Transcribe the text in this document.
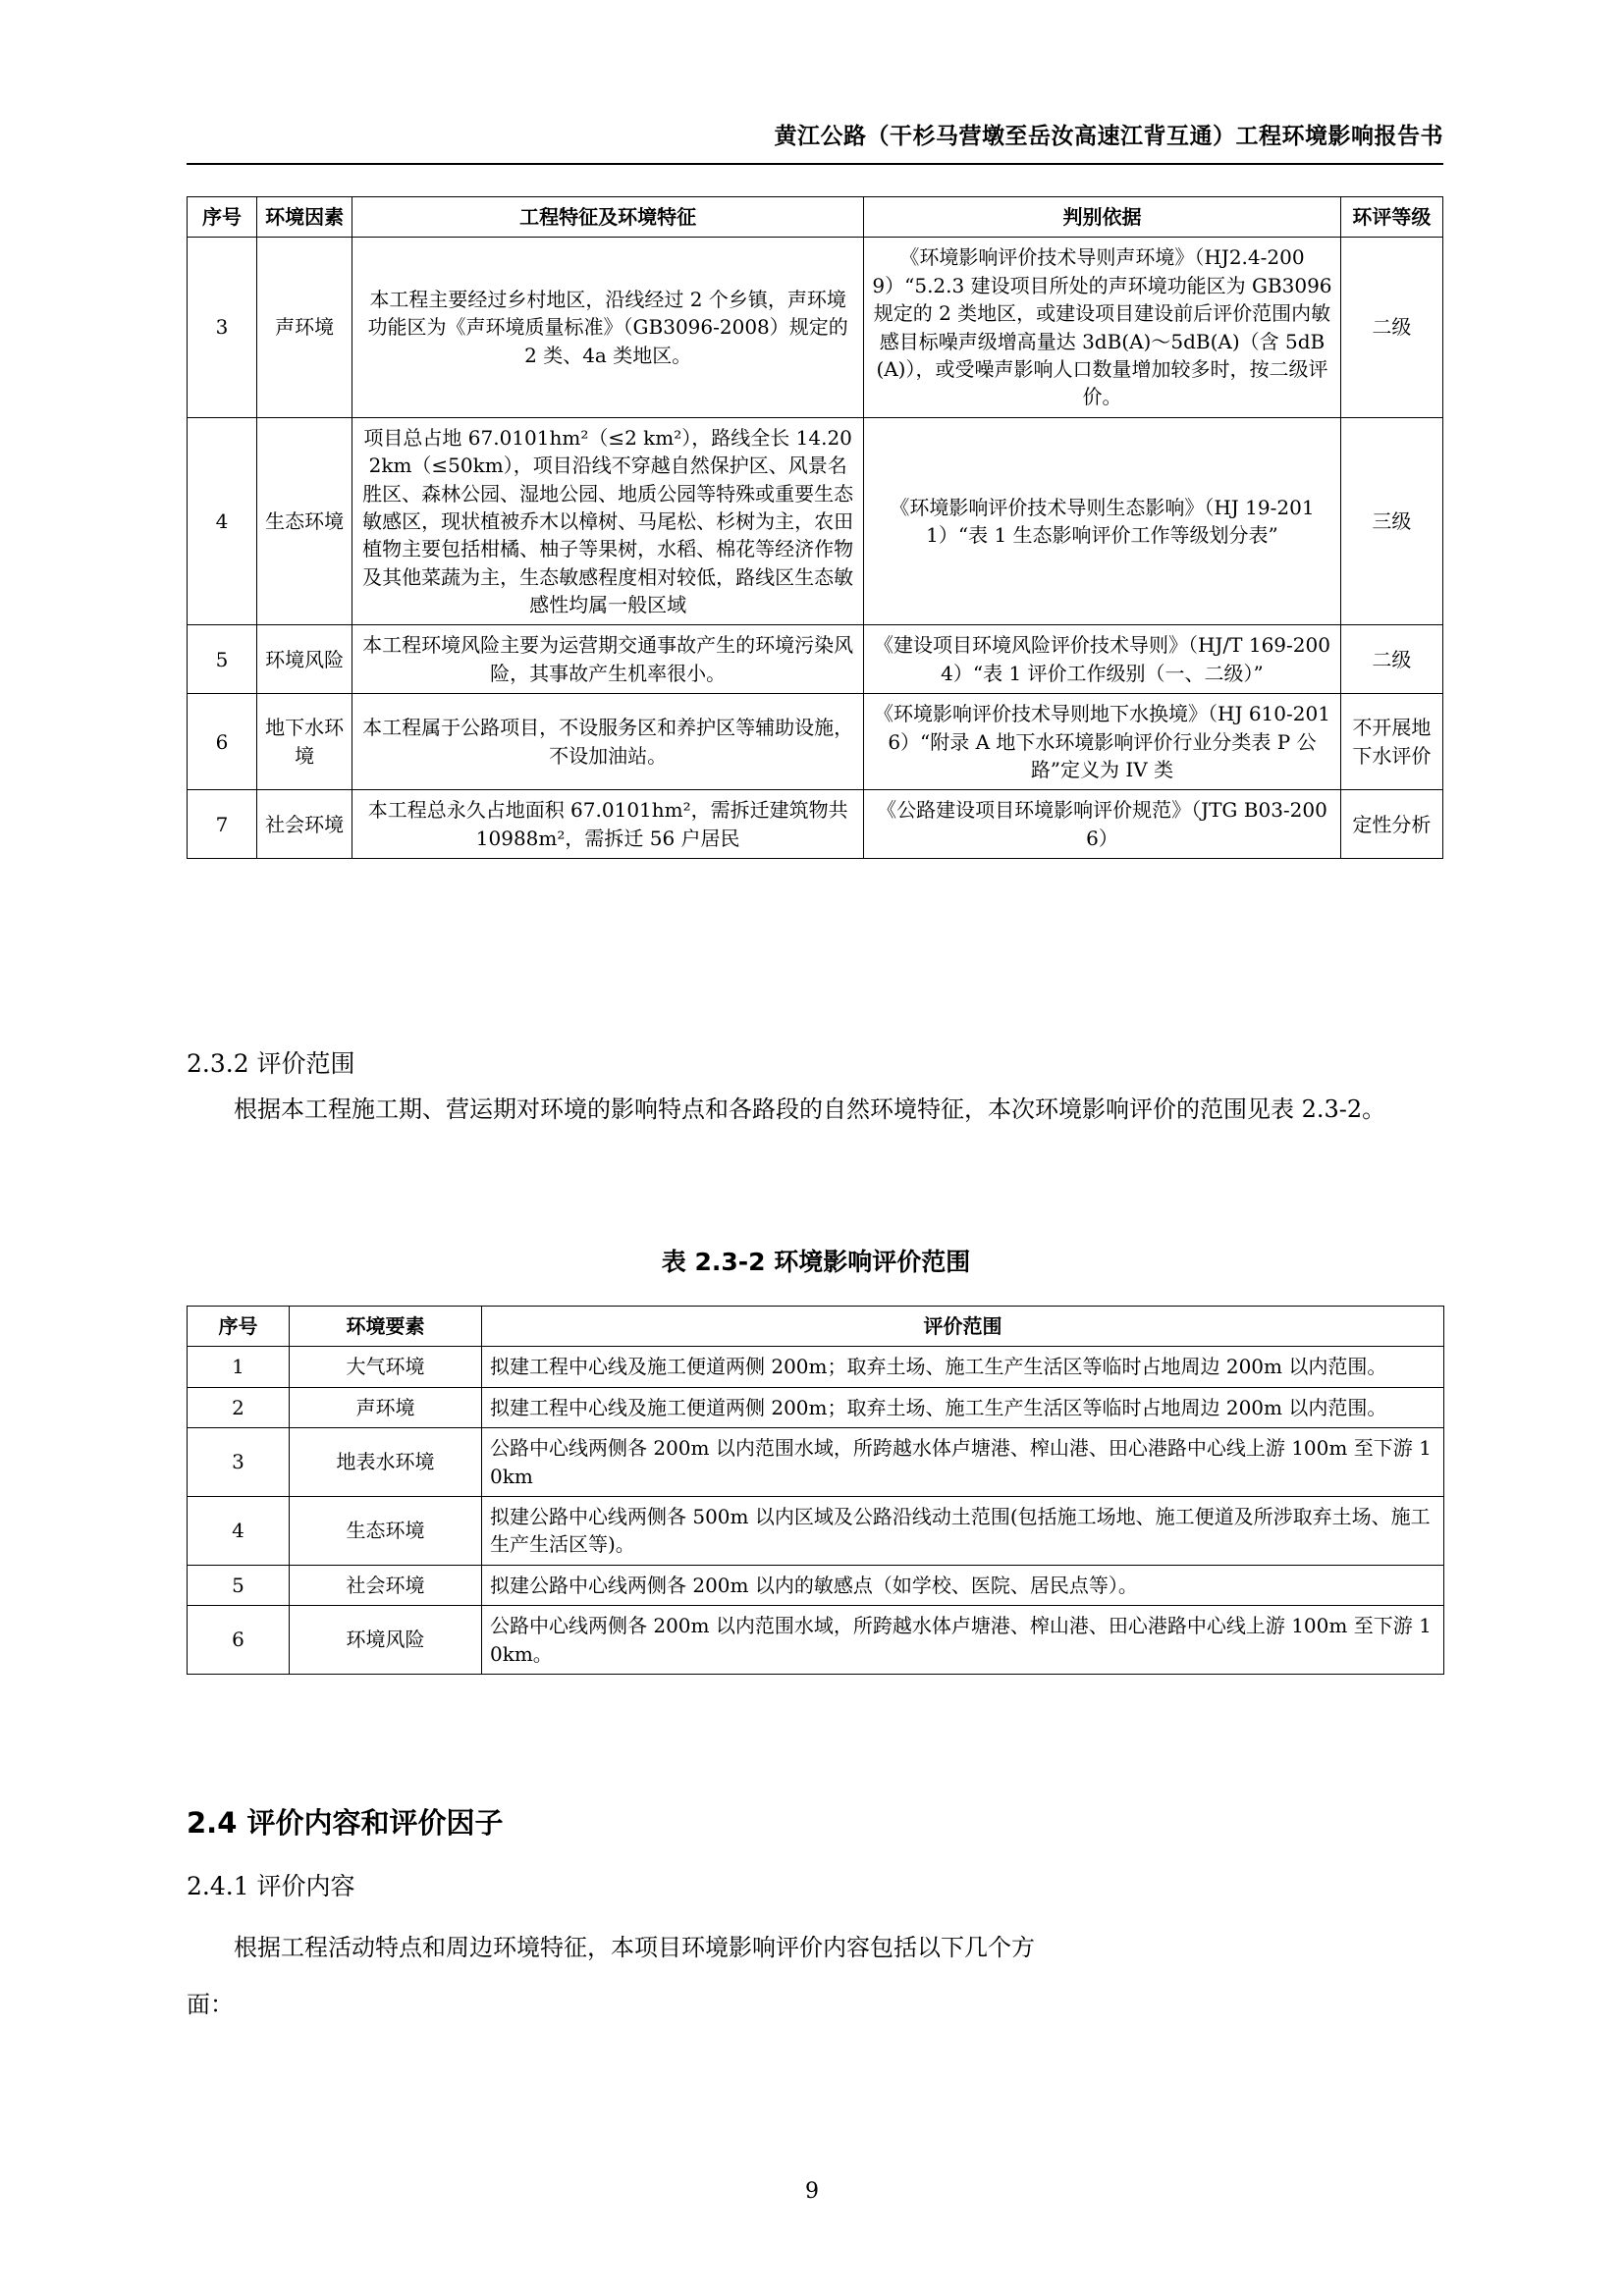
黄江公路（干杉马营墩至岳汝高速江背互通）工程环境影响报告书
序号	环境因素	工程特征及环境特征	判别依据	环评等级
3	声环境	本工程主要经过乡村地区，沿线经过 2 个乡镇，声环境功能区为《声环境质量标准》（GB3096-2008）规定的 2 类、4a 类地区。	《环境影响评价技术导则声环境》（HJ2.4-2009）“5.2.3 建设项目所处的声环境功能区为 GB3096 规定的 2 类地区，或建设项目建设前后评价范围内敏感目标噪声级增高量达 3dB(A)～5dB(A)（含 5dB(A)），或受噪声影响人口数量增加较多时，按二级评价。	二级
4	生态环境	项目总占地 67.0101hm²（≤2 km²），路线全长 14.202km（≤50km），项目沿线不穿越自然保护区、风景名胜区、森林公园、湿地公园、地质公园等特殊或重要生态敏感区，现状植被乔木以樟树、马尾松、杉树为主，农田植物主要包括柑橘、柚子等果树，水稻、棉花等经济作物及其他菜蔬为主，生态敏感程度相对较低，路线区生态敏感性均属一般区域	《环境影响评价技术导则生态影响》（HJ 19-2011）“表 1 生态影响评价工作等级划分表”	三级
5	环境风险	本工程环境风险主要为运营期交通事故产生的环境污染风险，其事故产生机率很小。	《建设项目环境风险评价技术导则》（HJ/T 169-2004）“表 1 评价工作级别（一、二级）”	二级
6	地下水环境	本工程属于公路项目，不设服务区和养护区等辅助设施，不设加油站。	《环境影响评价技术导则地下水换境》（HJ 610-2016）“附录 A 地下水环境影响评价行业分类表 P 公路”定义为 IV 类	不开展地下水评价
7	社会环境	本工程总永久占地面积 67.0101hm²，需拆迁建筑物共 10988m²，需拆迁 56 户居民	《公路建设项目环境影响评价规范》（JTG B03-2006）	定性分析
2.3.2 评价范围
根据本工程施工期、营运期对环境的影响特点和各路段的自然环境特征，本次环境影响评价的范围见表 2.3-2。
表 2.3-2 环境影响评价范围
序号	环境要素	评价范围
1	大气环境	拟建工程中心线及施工便道两侧 200m；取弃土场、施工生产生活区等临时占地周边 200m 以内范围。
2	声环境	拟建工程中心线及施工便道两侧 200m；取弃土场、施工生产生活区等临时占地周边 200m 以内范围。
3	地表水环境	公路中心线两侧各 200m 以内范围水域，所跨越水体卢塘港、榨山港、田心港路中心线上游 100m 至下游 10km
4	生态环境	拟建公路中心线两侧各 500m 以内区域及公路沿线动土范围(包括施工场地、施工便道及所涉取弃土场、施工生产生活区等)。
5	社会环境	拟建公路中心线两侧各 200m 以内的敏感点（如学校、医院、居民点等）。
6	环境风险	公路中心线两侧各 200m 以内范围水域，所跨越水体卢塘港、榨山港、田心港路中心线上游 100m 至下游 10km。
2.4 评价内容和评价因子
2.4.1 评价内容
根据工程活动特点和周边环境特征，本项目环境影响评价内容包括以下几个方
面：
9
